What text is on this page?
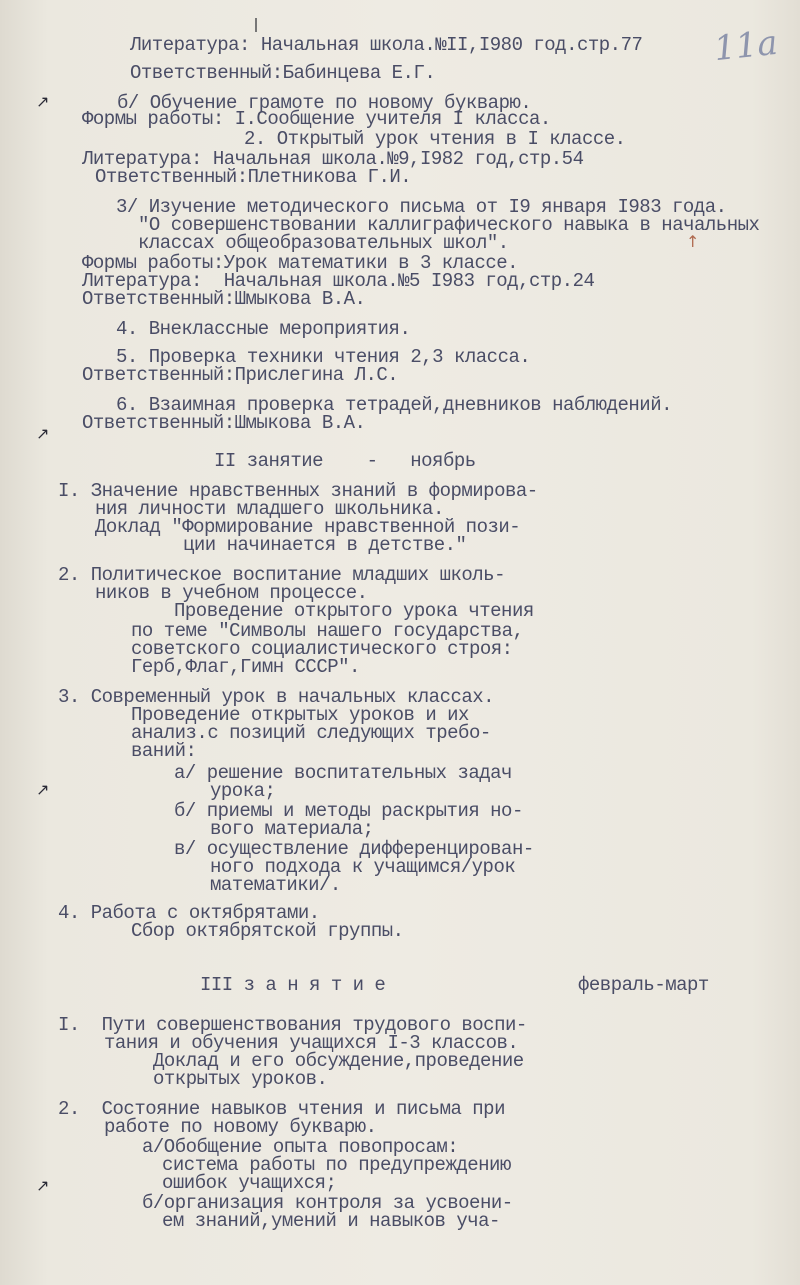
11а
↗
↗
↗
↗
↑
Литература: Начальная школа.№II,I980 год.стр.77
Ответственный:Бабинцева Е.Г.
б/ Обучение грамоте по новому букварю.
Формы работы: I.Сообщение учителя I класса.
2. Открытый урок чтения в I классе.
Литература: Начальная школа.№9,I982 год,стр.54
Ответственный:Плетникова Г.И.
3/ Изучение методического письма от I9 января I983 года.
"О совершенствовании каллиграфического навыка в начальных
классах общеобразовательных школ".
Формы работы:Урок математики в 3 классе.
Литература:  Начальная школа.№5 I983 год,стр.24
Ответственный:Шмыкова В.А.
4. Внеклассные мероприятия.
5. Проверка техники чтения 2,3 класса.
Ответственный:Прислегина Л.С.
6. Взаимная проверка тетрадей,дневников наблюдений.
Ответственный:Шмыкова В.А.
II занятие    -   ноябрь
I. Значение нравственных знаний в формирова-
ния личности младшего школьника.
Доклад "Формирование нравственной пози-
ции начинается в детстве."
2. Политическое воспитание младших школь-
ников в учебном процессе.
Проведение открытого урока чтения
по теме "Символы нашего государства,
советского социалистического строя:
Герб,Флаг,Гимн СССР".
3. Современный урок в начальных классах.
Проведение открытых уроков и их
анализ.с позиций следующих требо-
ваний:
а/ решение воспитательных задач
урока;
б/ приемы и методы раскрытия но-
вого материала;
в/ осуществление дифференцирован-
ного подхода к учащимся/урок
математики/.
4. Работа с октябрятами.
Сбор октябрятской группы.
III з а н я т и е	февраль-март
I.  Пути совершенствования трудового воспи-
тания и обучения учащихся I-3 классов.
Доклад и его обсуждение,проведение
открытых уроков.
2.  Состояние навыков чтения и письма при
работе по новому букварю.
а/Обобщение опыта повопросам:
система работы по предупреждению
ошибок учащихся;
б/организация контроля за усвоени-
ем знаний,умений и навыков уча-
